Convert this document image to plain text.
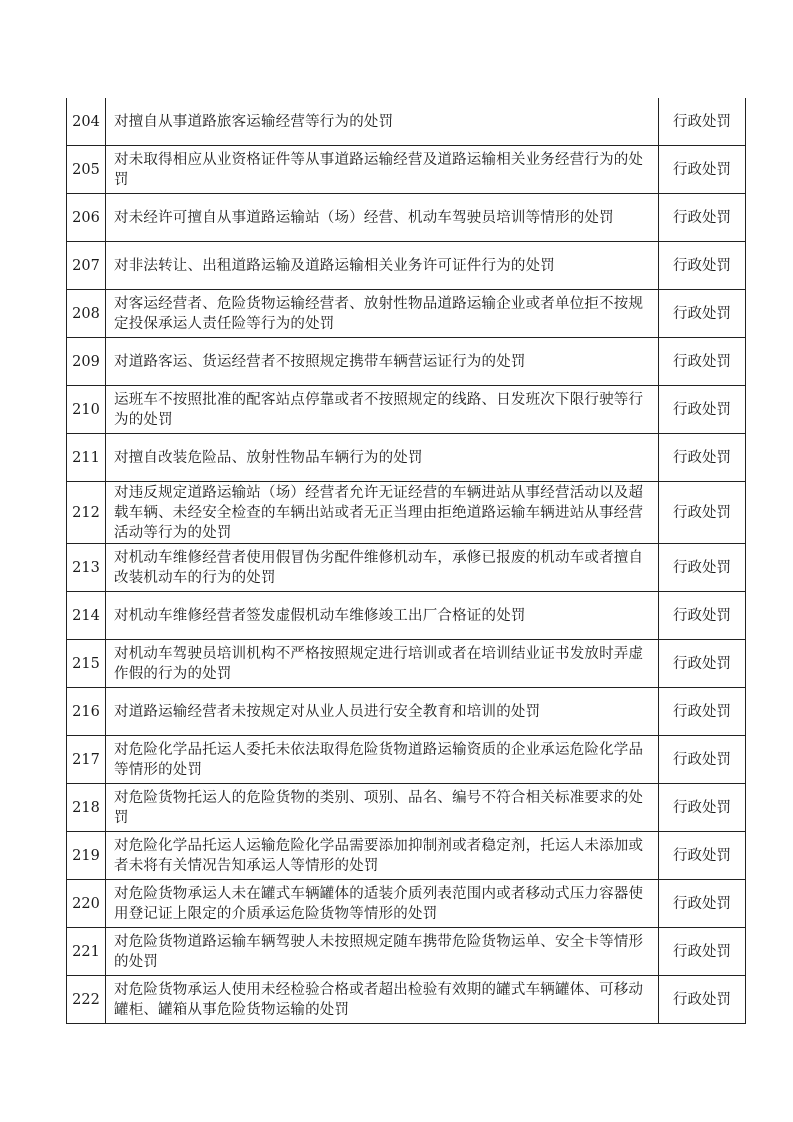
204	对擅自从事道路旅客运输经营等行为的处罚	行政处罚
205	对未取得相应从业资格证件等从事道路运输经营及道路运输相关业务经营行为的处罚	行政处罚
206	对未经许可擅自从事道路运输站（场）经营、机动车驾驶员培训等情形的处罚	行政处罚
207	对非法转让、出租道路运输及道路运输相关业务许可证件行为的处罚	行政处罚
208	对客运经营者、危险货物运输经营者、放射性物品道路运输企业或者单位拒不按规定投保承运人责任险等行为的处罚	行政处罚
209	对道路客运、货运经营者不按照规定携带车辆营运证行为的处罚	行政处罚
210	运班车不按照批准的配客站点停靠或者不按照规定的线路、日发班次下限行驶等行为的处罚	行政处罚
211	对擅自改装危险品、放射性物品车辆行为的处罚	行政处罚
212	对违反规定道路运输站（场）经营者允许无证经营的车辆进站从事经营活动以及超载车辆、未经安全检查的车辆出站或者无正当理由拒绝道路运输车辆进站从事经营活动等行为的处罚	行政处罚
213	对机动车维修经营者使用假冒伪劣配件维修机动车，承修已报废的机动车或者擅自改装机动车的行为的处罚	行政处罚
214	对机动车维修经营者签发虚假机动车维修竣工出厂合格证的处罚	行政处罚
215	对机动车驾驶员培训机构不严格按照规定进行培训或者在培训结业证书发放时弄虚作假的行为的处罚	行政处罚
216	对道路运输经营者未按规定对从业人员进行安全教育和培训的处罚	行政处罚
217	对危险化学品托运人委托未依法取得危险货物道路运输资质的企业承运危险化学品等情形的处罚	行政处罚
218	对危险货物托运人的危险货物的类别、项别、品名、编号不符合相关标准要求的处罚	行政处罚
219	对危险化学品托运人运输危险化学品需要添加抑制剂或者稳定剂，托运人未添加或者未将有关情况告知承运人等情形的处罚	行政处罚
220	对危险货物承运人未在罐式车辆罐体的适装介质列表范围内或者移动式压力容器使用登记证上限定的介质承运危险货物等情形的处罚	行政处罚
221	对危险货物道路运输车辆驾驶人未按照规定随车携带危险货物运单、安全卡等情形的处罚	行政处罚
222	对危险货物承运人使用未经检验合格或者超出检验有效期的罐式车辆罐体、可移动罐柜、罐箱从事危险货物运输的处罚	行政处罚
